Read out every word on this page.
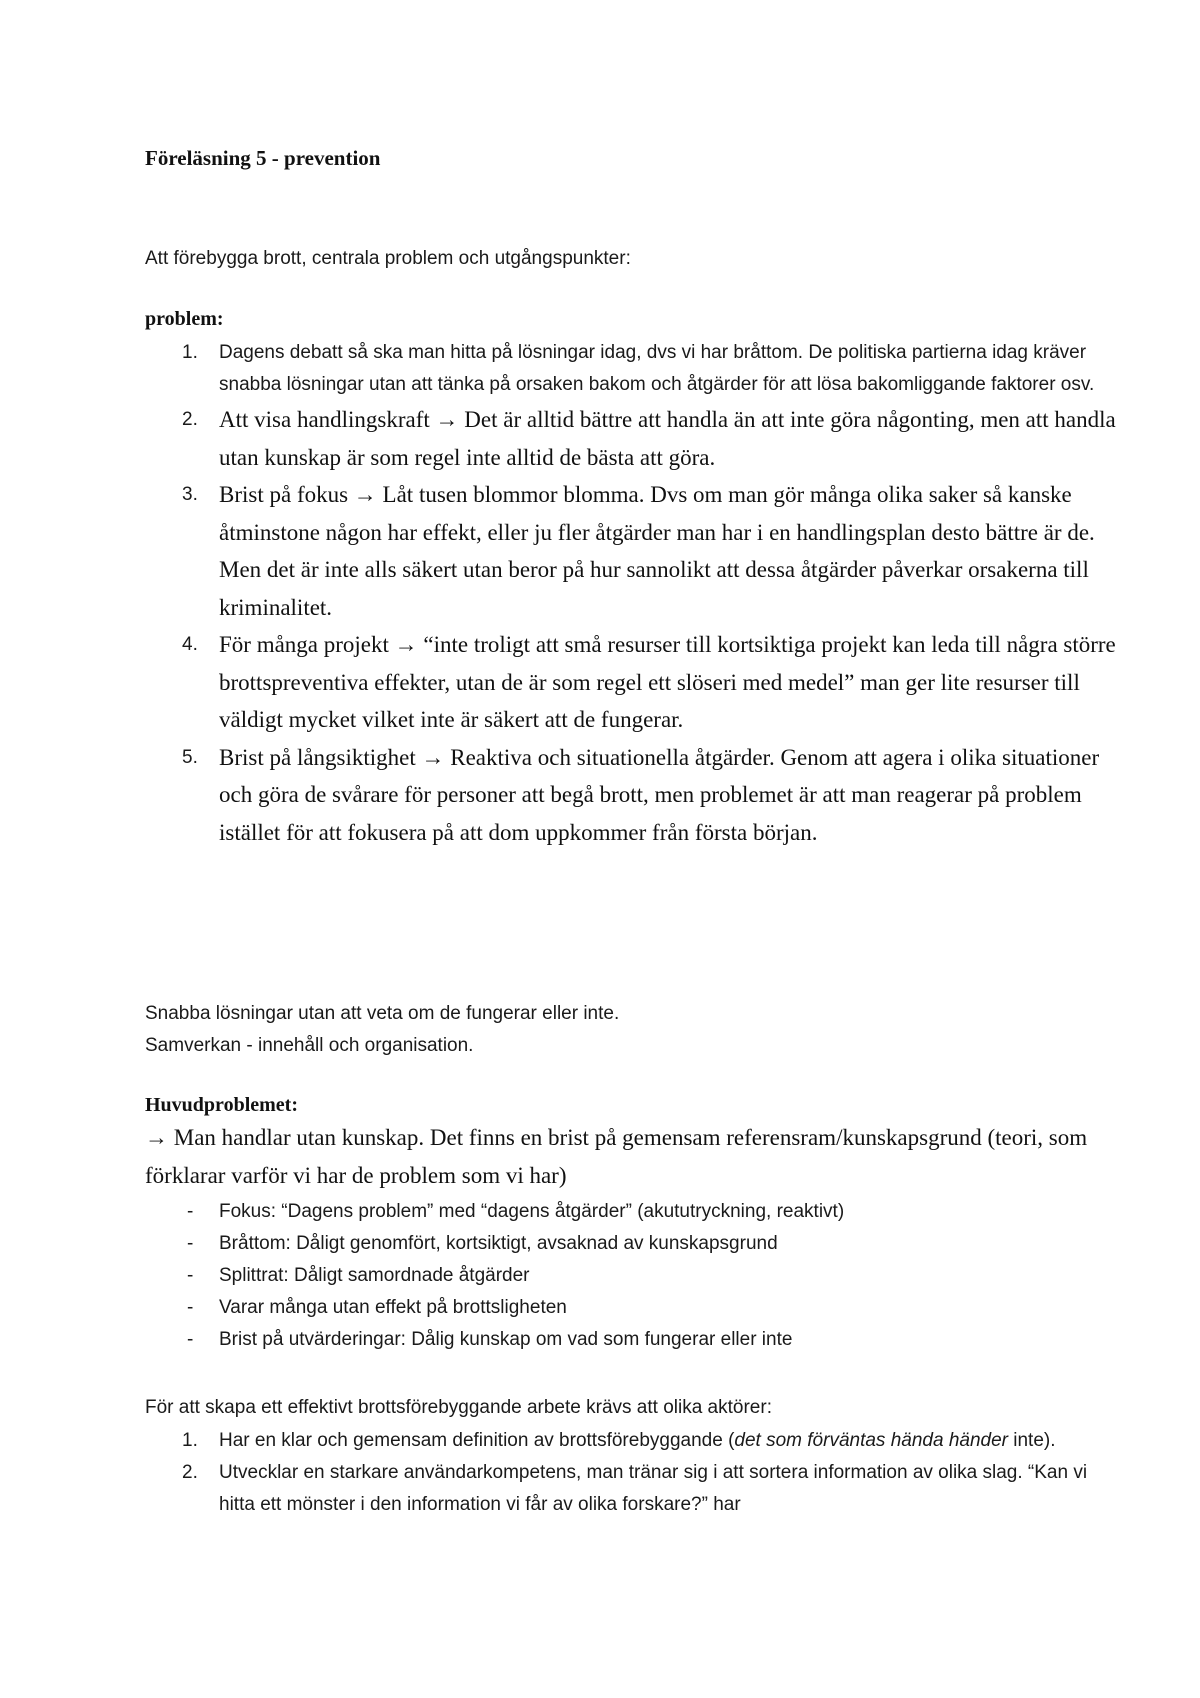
Föreläsning 5 - prevention
Att förebygga brott, centrala problem och utgångspunkter:
problem:
1. Dagens debatt så ska man hitta på lösningar idag, dvs vi har bråttom. De politiska partierna idag kräver snabba lösningar utan att tänka på orsaken bakom och åtgärder för att lösa bakomliggande faktorer osv.
2. Att visa handlingskraft → Det är alltid bättre att handla än att inte göra någonting, men att handla utan kunskap är som regel inte alltid de bästa att göra.
3. Brist på fokus → Låt tusen blommor blomma. Dvs om man gör många olika saker så kanske åtminstone någon har effekt, eller ju fler åtgärder man har i en handlingsplan desto bättre är de. Men det är inte alls säkert utan beror på hur sannolikt att dessa åtgärder påverkar orsakerna till kriminalitet.
4. För många projekt → “inte troligt att små resurser till kortsiktiga projekt kan leda till några större brottspreventiva effekter, utan de är som regel ett slöseri med medel” man ger lite resurser till väldigt mycket vilket inte är säkert att de fungerar.
5. Brist på långsiktighet → Reaktiva och situationella åtgärder. Genom att agera i olika situationer och göra de svårare för personer att begå brott, men problemet är att man reagerar på problem istället för att fokusera på att dom uppkommer från första början.
Snabba lösningar utan att veta om de fungerar eller inte.
Samverkan - innehåll och organisation.
Huvudproblemet:
→ Man handlar utan kunskap. Det finns en brist på gemensam referensram/kunskapsgrund (teori, som förklarar varför vi har de problem som vi har)
- Fokus: “Dagens problem” med “dagens åtgärder” (akututryckning, reaktivt)
- Bråttom: Dåligt genomfört, kortsiktigt, avsaknad av kunskapsgrund
- Splittrat: Dåligt samordnade åtgärder
- Varar många utan effekt på brottsligheten
- Brist på utvärderingar: Dålig kunskap om vad som fungerar eller inte
För att skapa ett effektivt brottsförebyggande arbete krävs att olika aktörer:
1. Har en klar och gemensam definition av brottsförebyggande (det som förväntas hända händer inte).
2. Utvecklar en starkare användarkompetens, man tränar sig i att sortera information av olika slag. “Kan vi hitta ett mönster i den information vi får av olika forskare?” har
